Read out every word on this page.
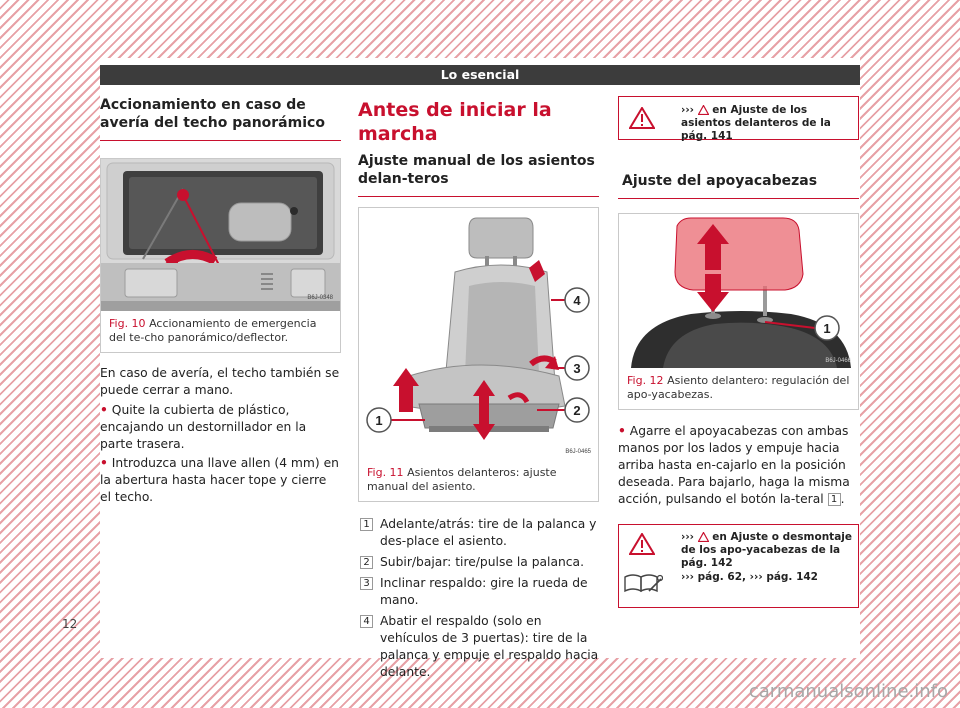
Lo esencial
Accionamiento en caso de avería del techo panorámico
B6J-0348
Fig. 10 Accionamiento de emergencia del te-cho panorámico/deflector.

En caso de avería, el techo también se puede cerrar a mano.

• Quite la cubierta de plástico, encajando un destornillador en la parte trasera.

• Introduzca una llave allen (4 mm) en la abertura hasta hacer tope y cierre el techo.

Antes de iniciar la marcha
Ajuste manual de los asientos delan-teros
1
2
3
4
B6J-0465
Fig. 11 Asientos delanteros: ajuste manual del asiento.
1 Adelante/atrás: tire de la palanca y des-place el asiento.
2 Subir/bajar: tire/pulse la palanca.
3 Inclinar respaldo: gire la rueda de mano.
4 Abatir el respaldo (solo en vehículos de 3 puertas): tire de la palanca y empuje el respaldo hacia delante.
››› en Ajuste de los asientos delanteros de la pág. 141
Ajuste del apoyacabezas
1
B6J-0466
Fig. 12 Asiento delantero: regulación del apo-yacabezas.

• Agarre el apoyacabezas con ambas manos por los lados y empuje hacia arriba hasta en-cajarlo en la posición deseada. Para bajarlo, haga la misma acción, pulsando el botón la-teral 1 .

››› en Ajuste o desmontaje de los apo-yacabezas de la pág. 142
››› pág. 62, ››› pág. 142
12
carmanualsonline.info
